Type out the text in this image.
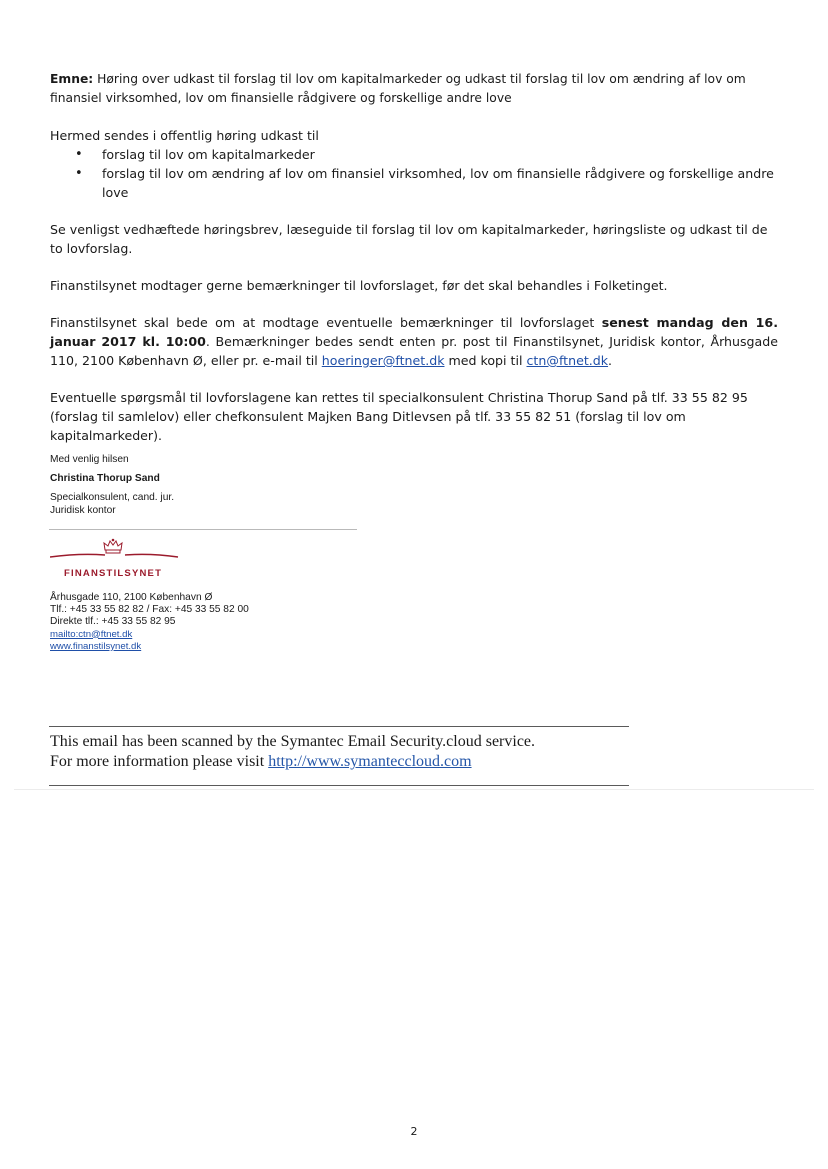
Emne: Høring over udkast til forslag til lov om kapitalmarkeder og udkast til forslag til lov om ændring af lov om finansiel virksomhed, lov om finansielle rådgivere og forskellige andre love

Hermed sendes i offentlig høring udkast til

• forslag til lov om kapitalmarkeder
• forslag til lov om ændring af lov om finansiel virksomhed, lov om finansielle rådgivere og forskellige andre love

Se venligst vedhæftede høringsbrev, læseguide til forslag til lov om kapitalmarkeder, høringsliste og udkast til de to lovforslag.

Finanstilsynet modtager gerne bemærkninger til lovforslaget, før det skal behandles i Folketinget.

Finanstilsynet skal bede om at modtage eventuelle bemærkninger til lovforslaget senest mandag den 16. januar 2017 kl. 10:00. Bemærkninger bedes sendt enten pr. post til Finanstilsynet, Juridisk kontor, Århusgade 110, 2100 København Ø, eller pr. e-mail til hoeringer@ftnet.dk med kopi til ctn@ftnet.dk.

Eventuelle spørgsmål til lovforslagene kan rettes til specialkonsulent Christina Thorup Sand på tlf. 33 55 82 95 (forslag til samlelov) eller chefkonsulent Majken Bang Ditlevsen på tlf. 33 55 82 51 (forslag til lov om kapitalmarkeder).

Med venlig hilsen
Christina Thorup Sand
Specialkonsulent, cand. jur.
Juridisk kontor
FINANSTILSYNET
Århusgade 110, 2100 København Ø
Tlf.: +45 33 55 82 82 / Fax: +45 33 55 82 00
Direkte tlf.: +45 33 55 82 95
mailto:ctn@ftnet.dk
www.finanstilsynet.dk
This email has been scanned by the Symantec Email Security.cloud service.
For more information please visit http://www.symanteccloud.com
2
